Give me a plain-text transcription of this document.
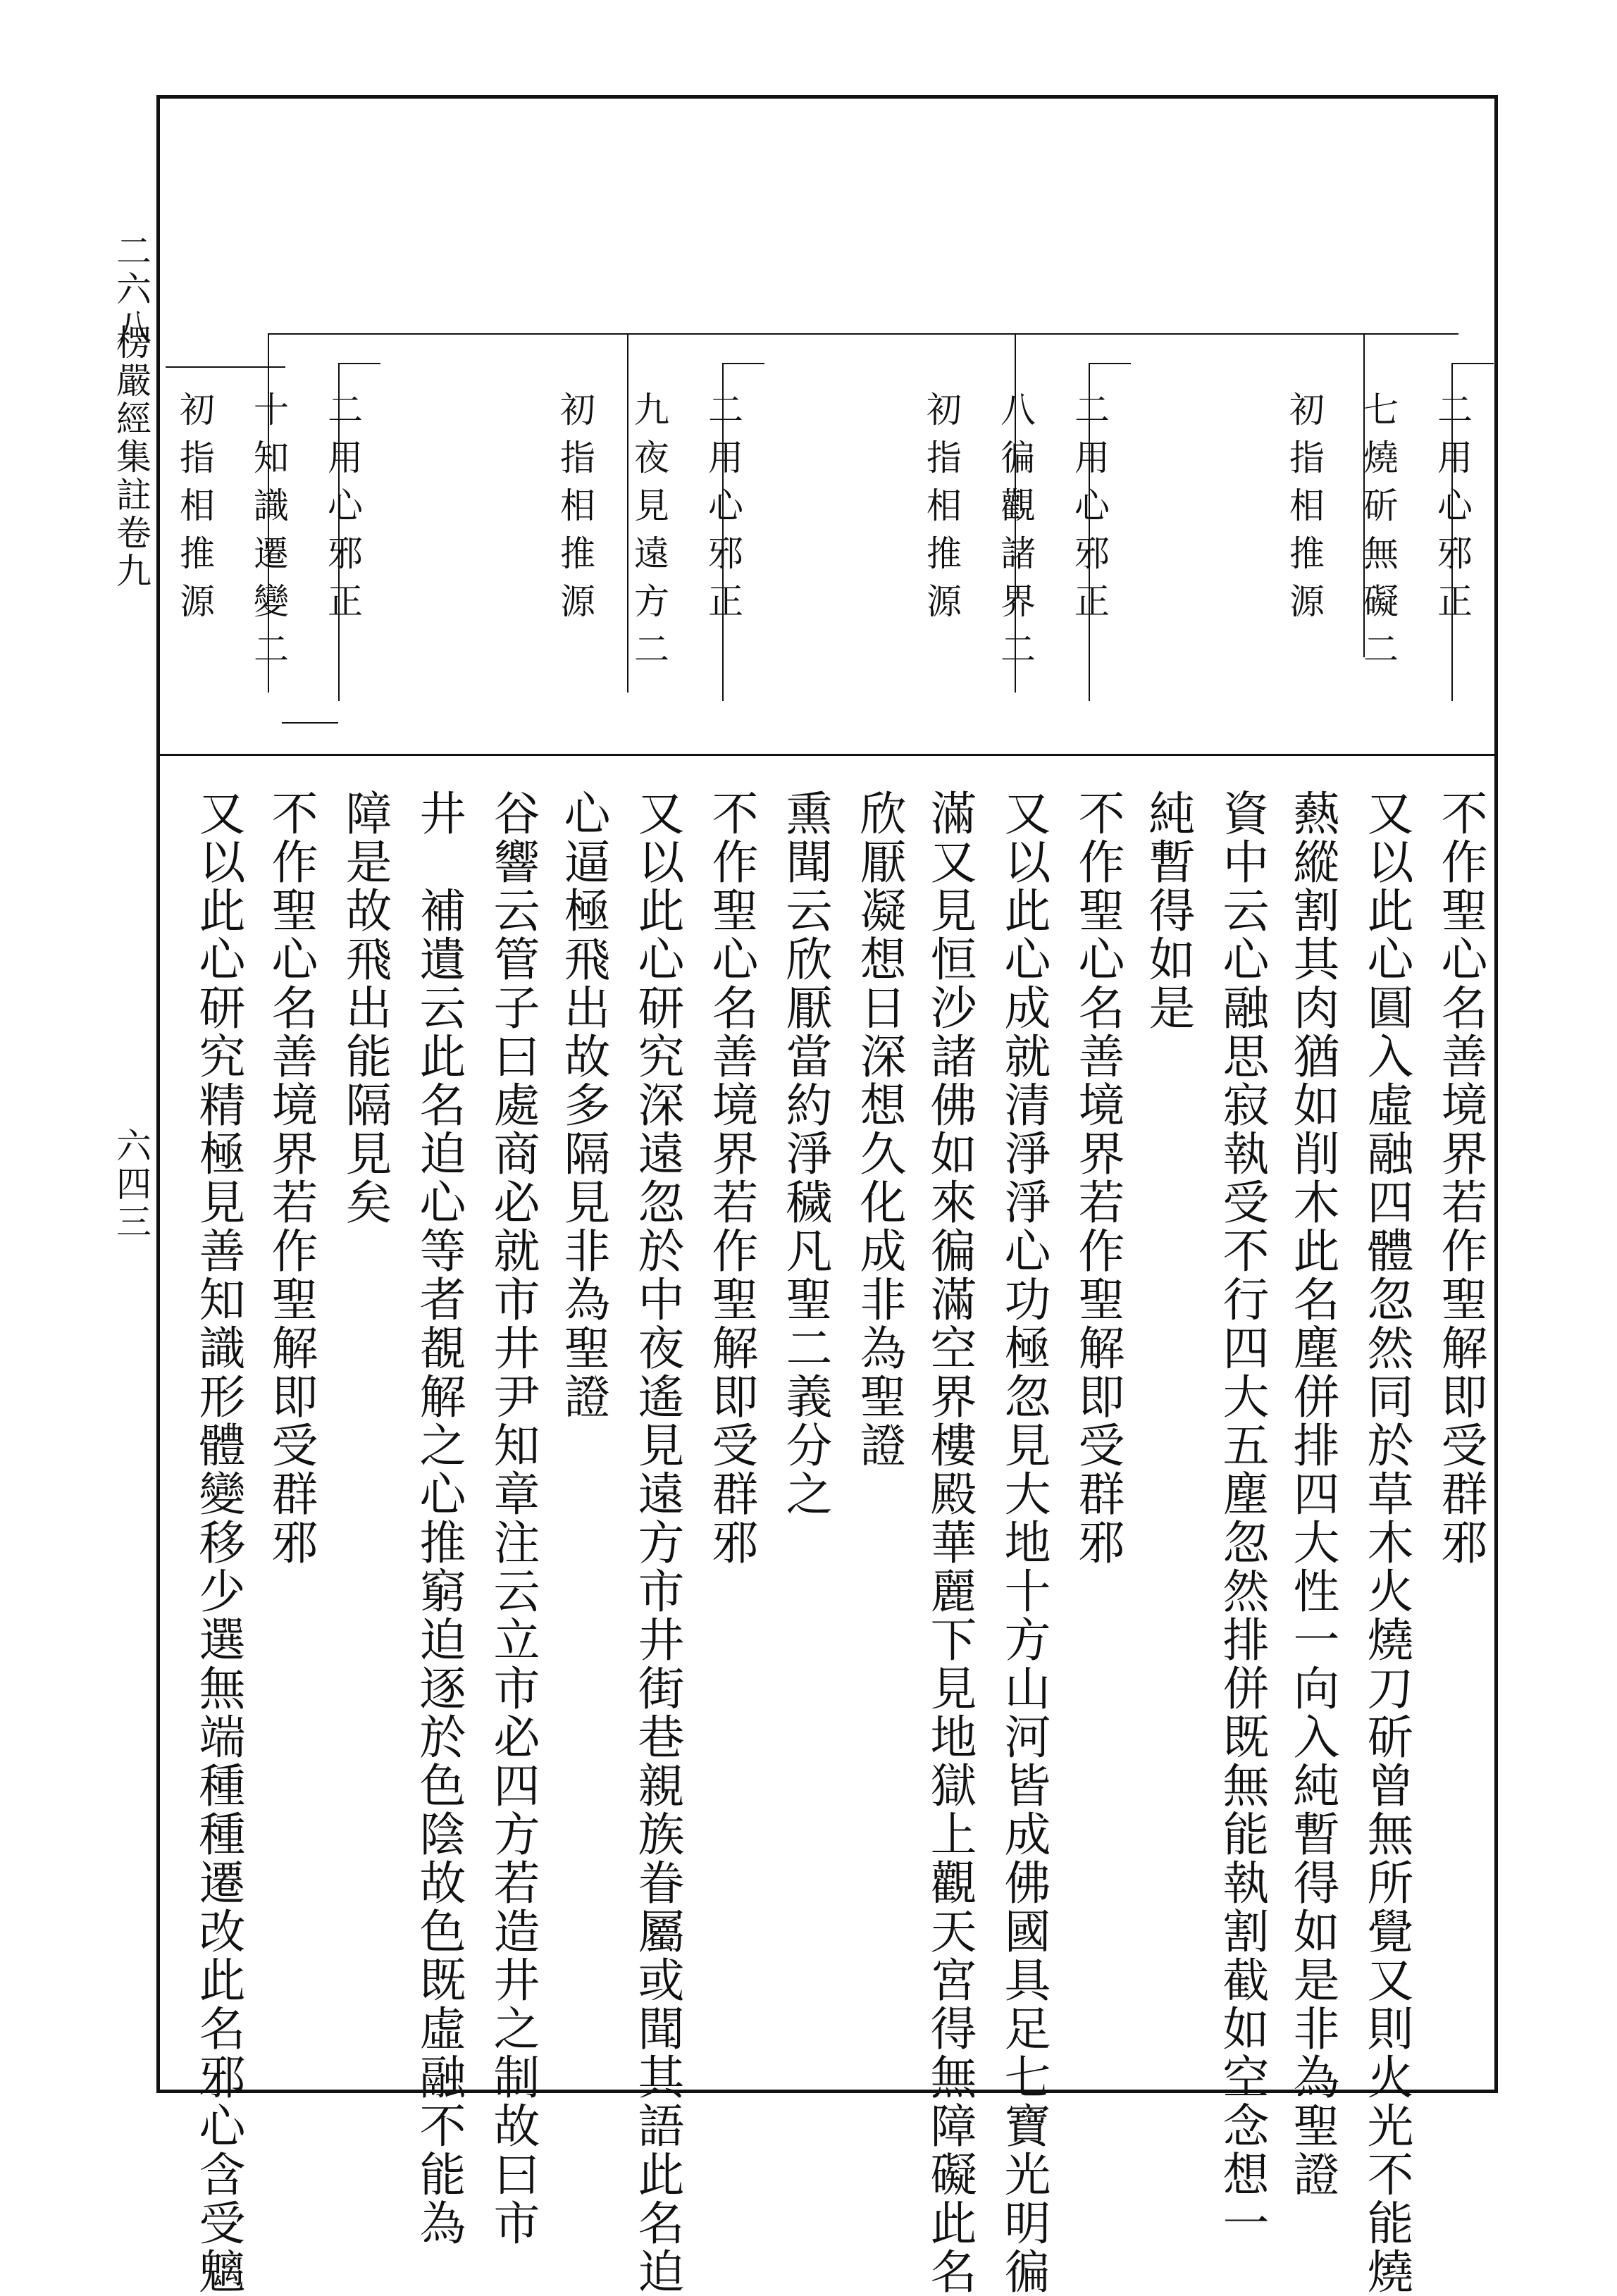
二六八
楞嚴經集註卷九
六四三
二用心邪正
七燒斫無礙二
初指相推源
二用心邪正
八徧觀諸界二
初指相推源
二用心邪正
九夜見遠方二
初指相推源
二用心邪正
十知識遷變二
初指相推源
不作聖心名善境界若作聖解即受群邪
又以此心圓入虛融四體忽然同於草木火燒刀斫曾無所覺又則火光不能燒
爇縱割其肉猶如削木此名塵併排四大性一向入純暫得如是非為聖證
資中云心融思寂執受不行四大五塵忽然排併既無能執割截如空念想一
純暫得如是
不作聖心名善境界若作聖解即受群邪
又以此心成就清淨淨心功極忽見大地十方山河皆成佛國具足七寶光明徧
滿又見恒沙諸佛如來徧滿空界樓殿華麗下見地獄上觀天宮得無障礙此名
欣厭凝想日深想久化成非為聖證
熏聞云欣厭當約淨穢凡聖二義分之
不作聖心名善境界若作聖解即受群邪
又以此心研究深遠忽於中夜遙見遠方市井街巷親族眷屬或聞其語此名迫
心逼極飛出故多隔見非為聖證
谷響云管子曰處商必就市井尹知章注云立市必四方若造井之制故曰市
井　補遺云此名迫心等者覩解之心推窮迫逐於色陰故色既虛融不能為
障是故飛出能隔見矣
不作聖心名善境界若作聖解即受群邪
又以此心研究精極見善知識形體變移少選無端種種遷改此名邪心含受魑
